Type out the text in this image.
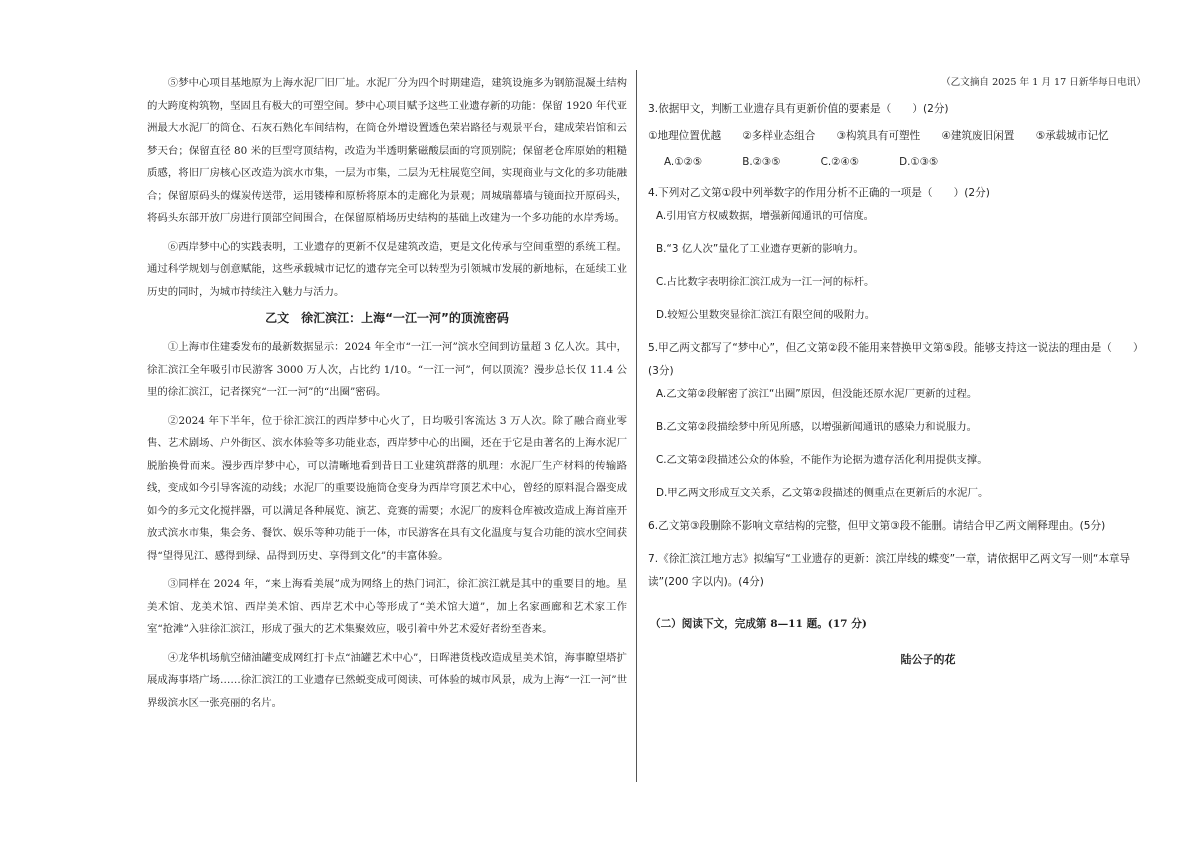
⑤梦中心项目基地原为上海水泥厂旧厂址。水泥厂分为四个时期建造，建筑设施多为钢筋混凝土结构的大跨度构筑物，坚固且有极大的可塑空间。梦中心项目赋予这些工业遗存新的功能：保留 1920 年代亚洲最大水泥厂的筒仓、石灰石熟化车间结构，在筒仓外增设置透色荣岩路径与观景平台，建成荣岩馆和云梦天台；保留直径 80 米的巨型穹顶结构，改造为半透明紫磁酸层面的穹顶别院；保留老仓库原始的粗糙质感，将旧厂房核心区改造为滨水市集，一层为市集，二层为无柱展览空间，实现商业与文化的多功能融合；保留原码头的煤炭传送带，运用镂棒和原桥将原本的走廊化为景观；周城瑞幕墙与镜面拉开原码头，将码头东部开放厂房进行顶部空间围合，在保留原梢场历史结构的基础上改建为一个多功能的水岸秀场。

⑥西岸梦中心的实践表明，工业遗存的更新不仅是建筑改造，更是文化传承与空间重塑的系统工程。通过科学规划与创意赋能，这些承载城市记忆的遗存完全可以转型为引领城市发展的新地标，在延续工业历史的同时，为城市持续注入魅力与活力。

乙文　徐汇滨江：上海“一江一河”的顶流密码

①上海市住建委发布的最新数据显示：2024 年全市“一江一河”滨水空间到访量超 3 亿人次。其中，徐汇滨江全年吸引市民游客 3000 万人次，占比约 1/10。“一江一河”，何以顶流？漫步总长仅 11.4 公里的徐汇滨江，记者探究“一江一河”的“出圈”密码。

②2024 年下半年，位于徐汇滨江的西岸梦中心火了，日均吸引客流达 3 万人次。除了融合商业零售、艺术剧场、户外街区、滨水体验等多功能业态，西岸梦中心的出圈，还在于它是由著名的上海水泥厂脱胎换骨而来。漫步西岸梦中心，可以清晰地看到昔日工业建筑群落的肌理：水泥厂生产材料的传输路线，变成如今引导客流的动线；水泥厂的重要设施筒仓变身为西岸穹顶艺术中心，曾经的原料混合器变成如今的多元文化搅拌器，可以满足各种展览、演艺、竞赛的需要；水泥厂的废料仓库被改造成上海首座开放式滨水市集，集会务、餐饮、娱乐等种功能于一体，市民游客在具有文化温度与复合功能的滨水空间获得“望得见江、感得到绿、品得到历史、享得到文化”的丰富体验。

③同样在 2024 年，“来上海看美展”成为网络上的热门词汇，徐汇滨江就是其中的重要目的地。星美术馆、龙美术馆、西岸美术馆、西岸艺术中心等形成了“美术馆大道”，加上名家画廊和艺术家工作室“抢滩”入驻徐汇滨江，形成了强大的艺术集聚效应，吸引着中外艺术爱好者纷至沓来。

④龙华机场航空储油罐变成网红打卡点“油罐艺术中心”，日晖港货栈改造成星美术馆，海事瞭望塔扩展成海事塔广场……徐汇滨江的工业遗存已然蜕变成可阅读、可体验的城市风景，成为上海“一江一河”世界级滨水区一张亮丽的名片。

（乙文摘自 2025 年 1 月 17 日新华每日电讯）

3.依据甲文，判断工业遗存具有更新价值的要素是（　　）(2分)

①地理位置优越　　②多样业态组合　　③构筑具有可塑性　　④建筑废旧闲置　　⑤承载城市记忆

A.①②⑤	B.②③⑤	C.②④⑤	D.①③⑤

4.下列对乙文第①段中列举数字的作用分析不正确的一项是（　　）(2分)

A.引用官方权威数据，增强新闻通讯的可信度。

B.“3 亿人次”量化了工业遗存更新的影响力。

C.占比数字表明徐汇滨江成为一江一河的标杆。

D.较短公里数突显徐汇滨江有限空间的吸附力。

5.甲乙两文都写了“梦中心”，但乙文第②段不能用来替换甲文第⑤段。能够支持这一说法的理由是（　　）(3分)

A.乙文第②段解密了滨江“出圈”原因，但没能还原水泥厂更新的过程。

B.乙文第②段描绘梦中所见所感，以增强新闻通讯的感染力和说服力。

C.乙文第②段描述公众的体验，不能作为论据为遗存活化利用提供支撑。

D.甲乙两文形成互文关系，乙文第②段描述的侧重点在更新后的水泥厂。

6.乙文第③段删除不影响文章结构的完整，但甲文第③段不能删。请结合甲乙两文阐释理由。(5分)

7.《徐汇滨江地方志》拟编写“工业遗存的更新：滨江岸线的蝶变”一章，请依据甲乙两文写一则“本章导读”(200 字以内)。(4分)

（二）阅读下文，完成第 8—11 题。(17 分)
陆公子的花
